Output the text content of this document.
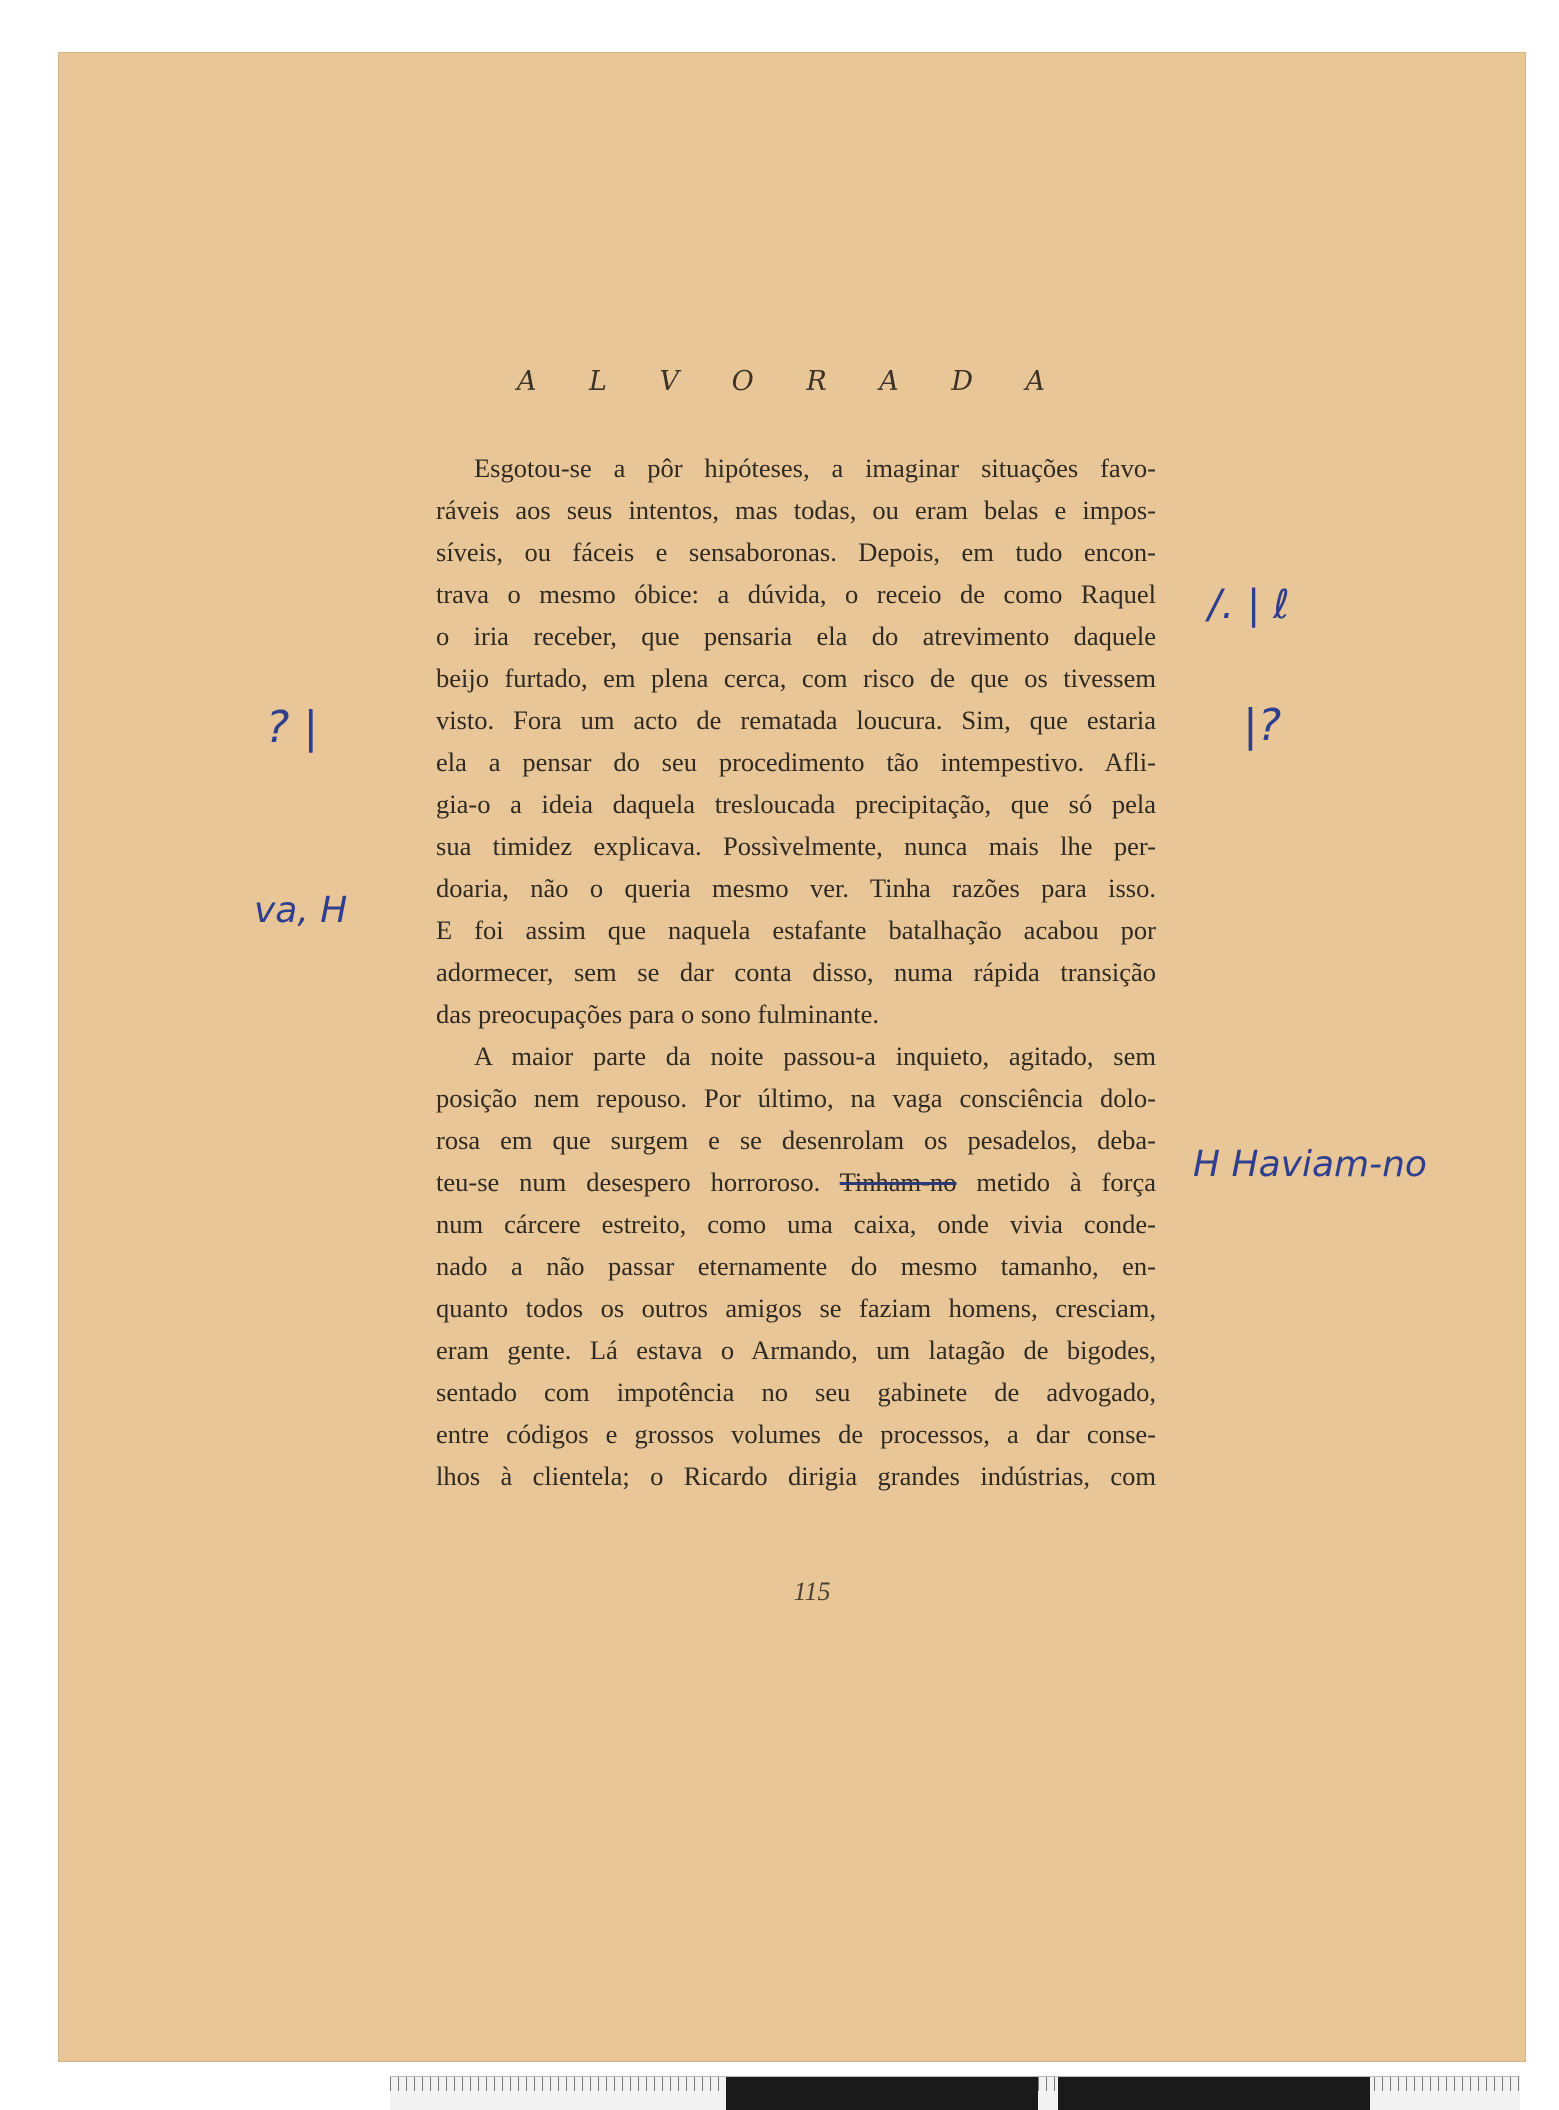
A L V O R A D A

Esgotou-se a pôr hipóteses, a imaginar situações favo-
ráveis aos seus intentos, mas todas, ou eram belas e impos-
síveis, ou fáceis e sensaboronas. Depois, em tudo encon-
trava o mesmo óbice: a dúvida, o receio de como Raquel
o iria receber, que pensaria ela do atrevimento daquele
beijo furtado, em plena cerca, com risco de que os tivessem
visto. Fora um acto de rematada loucura. Sim, que estaria
ela a pensar do seu procedimento tão intempestivo. Afli-
gia-o a ideia daquela tresloucada precipitação, que só pela
sua timidez explicava. Possìvelmente, nunca mais lhe per-
doaria, não o queria mesmo ver. Tinha razões para isso.
E foi assim que naquela estafante batalhação acabou por
adormecer, sem se dar conta disso, numa rápida transição
das preocupações para o sono fulminante.

A maior parte da noite passou-a inquieto, agitado, sem
posição nem repouso. Por último, na vaga consciência dolo-
rosa em que surgem e se desenrolam os pesadelos, deba-
teu-se num desespero horroroso. Tinham-no metido à força
num cárcere estreito, como uma caixa, onde vivia conde-
nado a não passar eternamente do mesmo tamanho, en-
quanto todos os outros amigos se faziam homens, cresciam,
eram gente. Lá estava o Armando, um latagão de bigodes,
sentado com impotência no seu gabinete de advogado,
entre códigos e grossos volumes de processos, a dar conse-
lhos à clientela; o Ricardo dirigia grandes indústrias, com

115
/. | ℓ
|?
? |
va, H
H Haviam-no
